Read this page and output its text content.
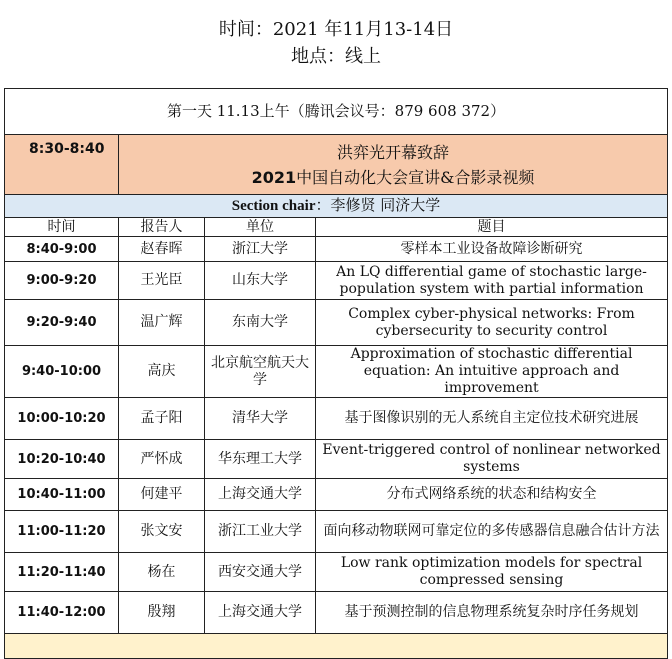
时间：2021 年11月13-14日
地点：线上
第一天 11.13上午（腾讯会议号：879 608 372）			
8:30-8:40	洪弈光开幕致辞
2021中国自动化大会宣讲&合影录视频		

Section chair：李修贤 同济大学			
时间	报告人	单位	题目
8:40-9:00	赵春晖	浙江大学	零样本工业设备故障诊断研究
9:00-9:20	王光臣	山东大学	An LQ differential game of stochastic large-population system with partial information
9:20-9:40	温广辉	东南大学	Complex cyber-physical networks: From cybersecurity to security control
9:40-10:00	高庆	北京航空航天大学	Approximation of stochastic differential equation: An intuitive approach and improvement
10:00-10:20	孟子阳	清华大学	基于图像识别的无人系统自主定位技术研究进展
10:20-10:40	严怀成	华东理工大学	Event-triggered control of nonlinear networked systems
10:40-11:00	何建平	上海交通大学	分布式网络系统的状态和结构安全
11:00-11:20	张文安	浙江工业大学	面向移动物联网可靠定位的多传感器信息融合估计方法
11:20-11:40	杨在	西安交通大学	Low rank optimization models for spectral compressed sensing
11:40-12:00	殷翔	上海交通大学	基于预测控制的信息物理系统复杂时序任务规划
